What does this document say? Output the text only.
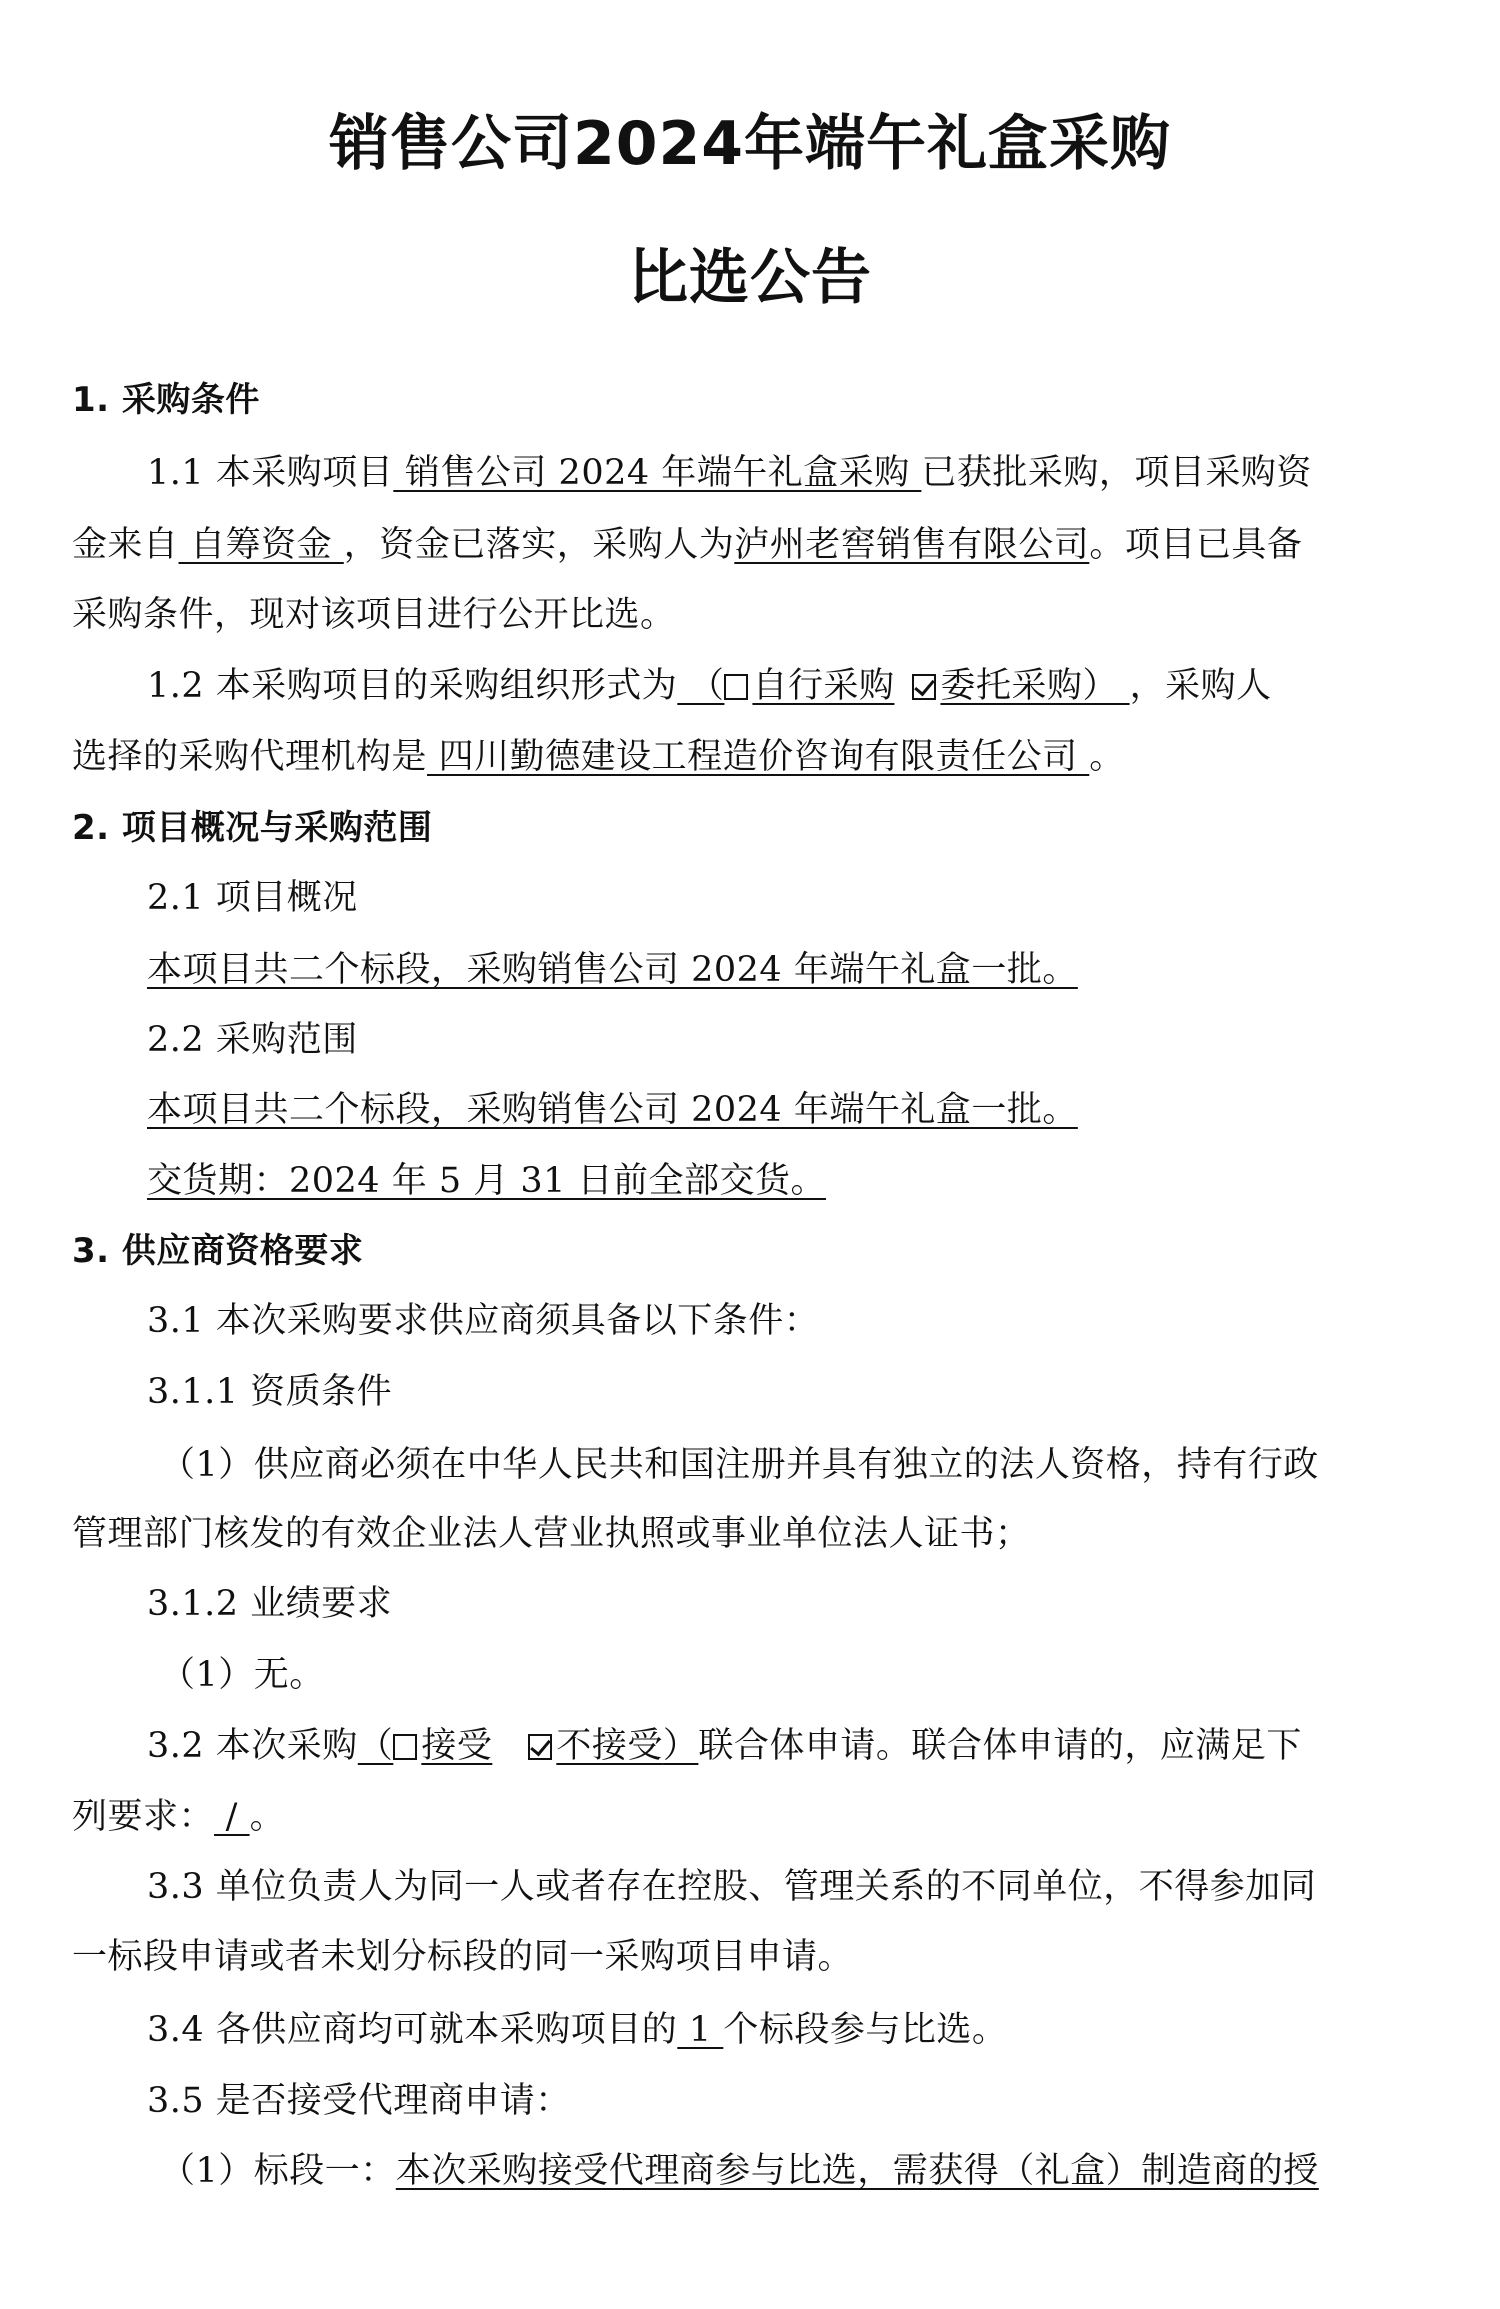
销售公司2024年端午礼盒采购
比选公告
1. 采购条件
1.1 本采购项目 销售公司 2024 年端午礼盒采购 已获批采购，项目采购资
金来自 自筹资金 ，资金已落实，采购人为泸州老窖销售有限公司。项目已具备
采购条件，现对该项目进行公开比选。
1.2 本采购项目的采购组织形式为 （ 自行采购 委托采购） ，采购人
选择的采购代理机构是 四川勤德建设工程造价咨询有限责任公司 。
2. 项目概况与采购范围
2.1 项目概况
本项目共二个标段，采购销售公司 2024 年端午礼盒一批。
2.2 采购范围
本项目共二个标段，采购销售公司 2024 年端午礼盒一批。
交货期：2024 年 5 月 31 日前全部交货。
3. 供应商资格要求
3.1 本次采购要求供应商须具备以下条件：
3.1.1 资质条件
（1）供应商必须在中华人民共和国注册并具有独立的法人资格，持有行政
管理部门核发的有效企业法人营业执照或事业单位法人证书；
3.1.2 业绩要求
（1）无。
3.2 本次采购（ 接受 不接受）联合体申请。联合体申请的，应满足下
列要求： / 。
3.3 单位负责人为同一人或者存在控股、管理关系的不同单位，不得参加同
一标段申请或者未划分标段的同一采购项目申请。
3.4 各供应商均可就本采购项目的 1 个标段参与比选。
3.5 是否接受代理商申请：
（1）标段一：本次采购接受代理商参与比选，需获得（礼盒）制造商的授
